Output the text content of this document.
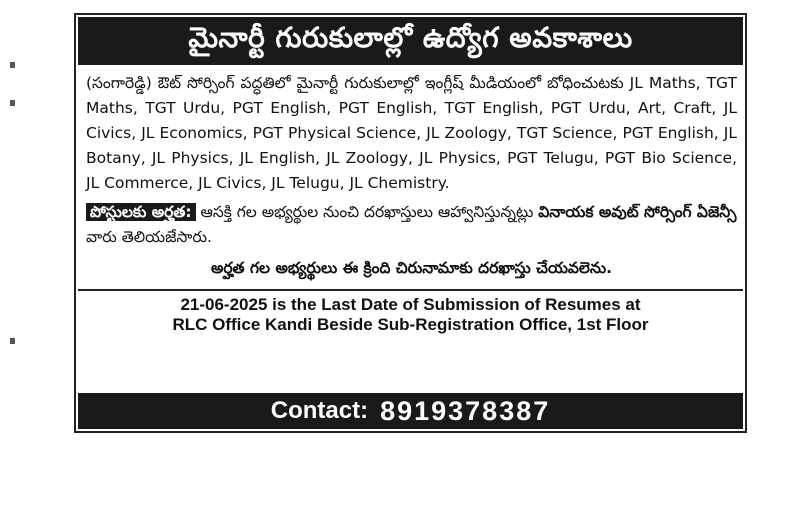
మైనార్టీ గురుకులాల్లో ఉద్యోగ అవకాశాలు

(సంగారెడ్డి) ఔట్ సోర్సింగ్ పద్ధతిలో మైనార్టీ గురుకులాల్లో ఇంగ్లీష్ మీడియంలో బోధించుటకు JL Maths, TGT Maths, TGT Urdu, PGT English, PGT English, TGT English, PGT Urdu, Art, Craft, JL Civics, JL Economics, PGT Physical Science, JL Zoology, TGT Science, PGT English, JL Botany, JL Physics, JL English, JL Zoology, JL Physics, PGT Telugu, PGT Bio Science, JL Commerce, JL Civics, JL Telugu, JL Chemistry.

పోస్టులకు అర్హత: ఆసక్తి గల అభ్యర్థుల నుంచి దరఖాస్తులు ఆహ్వానిస్తున్నట్లు వినాయక అవుట్ సోర్సింగ్ ఏజెన్సీ వారు తెలియజేసారు.

అర్హత గల అభ్యర్థులు ఈ క్రింది చిరునామాకు దరఖాస్తు చేయవలెను.

21-06-2025 is the Last Date of Submission of Resumes at
RLC Office Kandi Beside Sub-Registration Office, 1st Floor
Contact: 8919378387
